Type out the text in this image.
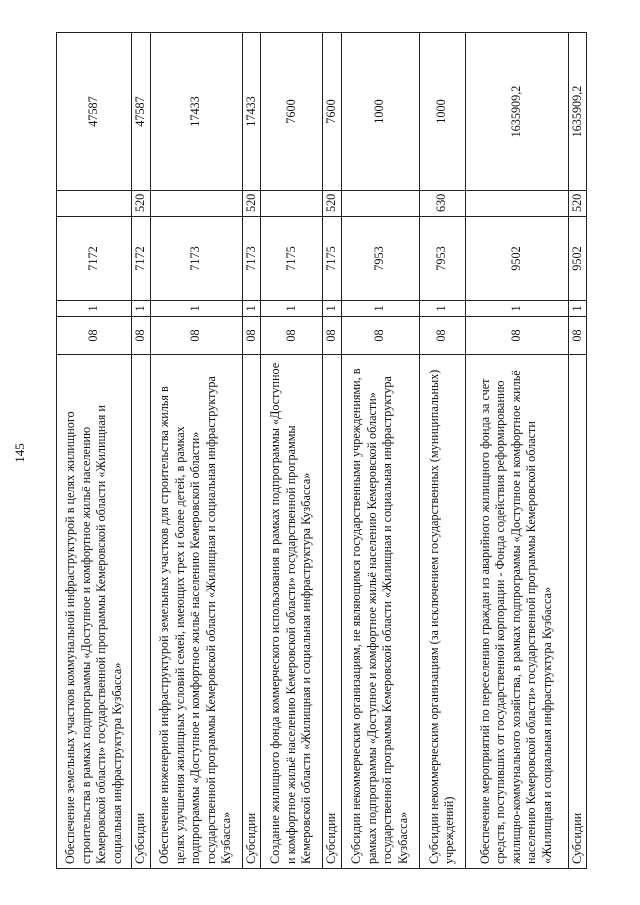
145	Обеспечение земельных участков коммунальной инфраструктурой в целях жилищного строительства в рамках подпрограммы «Доступное и комфортное жильё населению Кемеровской области» государственной программы Кемеровской области «Жилищная и социальная инфраструктура Кузбасса»	08	1	7172		47587
Субсидии	08	1	7172	520	47587
Обеспечение инженерной инфраструктурой земельных участков для строительства жилья в целях улучшения жилищных условий семей, имеющих трех и более детей, в рамках подпрограммы «Доступное и комфортное жильё населению Кемеровской области» государственной программы Кемеровской области «Жилищная и социальная инфраструктура Кузбасса»	08	1	7173		17433
Субсидии	08	1	7173	520	17433
Создание жилищного фонда коммерческого использования в рамках подпрограммы «Доступное и комфортное жильё населению Кемеровской области» государственной программы Кемеровской области «Жилищная и социальная инфраструктура Кузбасса»	08	1	7175		7600
Субсидии	08	1	7175	520	7600
Субсидии некоммерческим организациям, не являющимся государственными учреждениями, в рамках подпрограммы «Доступное и комфортное жильё населению Кемеровской области» государственной программы Кемеровской области «Жилищная и социальная инфраструктура Кузбасса»	08	1	7953		1000
Субсидии некоммерческим организациям (за исключением государственных (муниципальных) учреждений)	08	1	7953	630	1000
Обеспечение мероприятий по переселению граждан из аварийного жилищного фонда за счет средств, поступивших от государственной корпорации - Фонда содействия реформированию жилищно-коммунального хозяйства, в рамках подпрограммы «Доступное и комфортное жильё населению Кемеровской области» государственной программы Кемеровской области «Жилищная и социальная инфраструктура Кузбасса»	08	1	9502		1635909,2
Субсидии	08	1	9502	520	1635909,2
